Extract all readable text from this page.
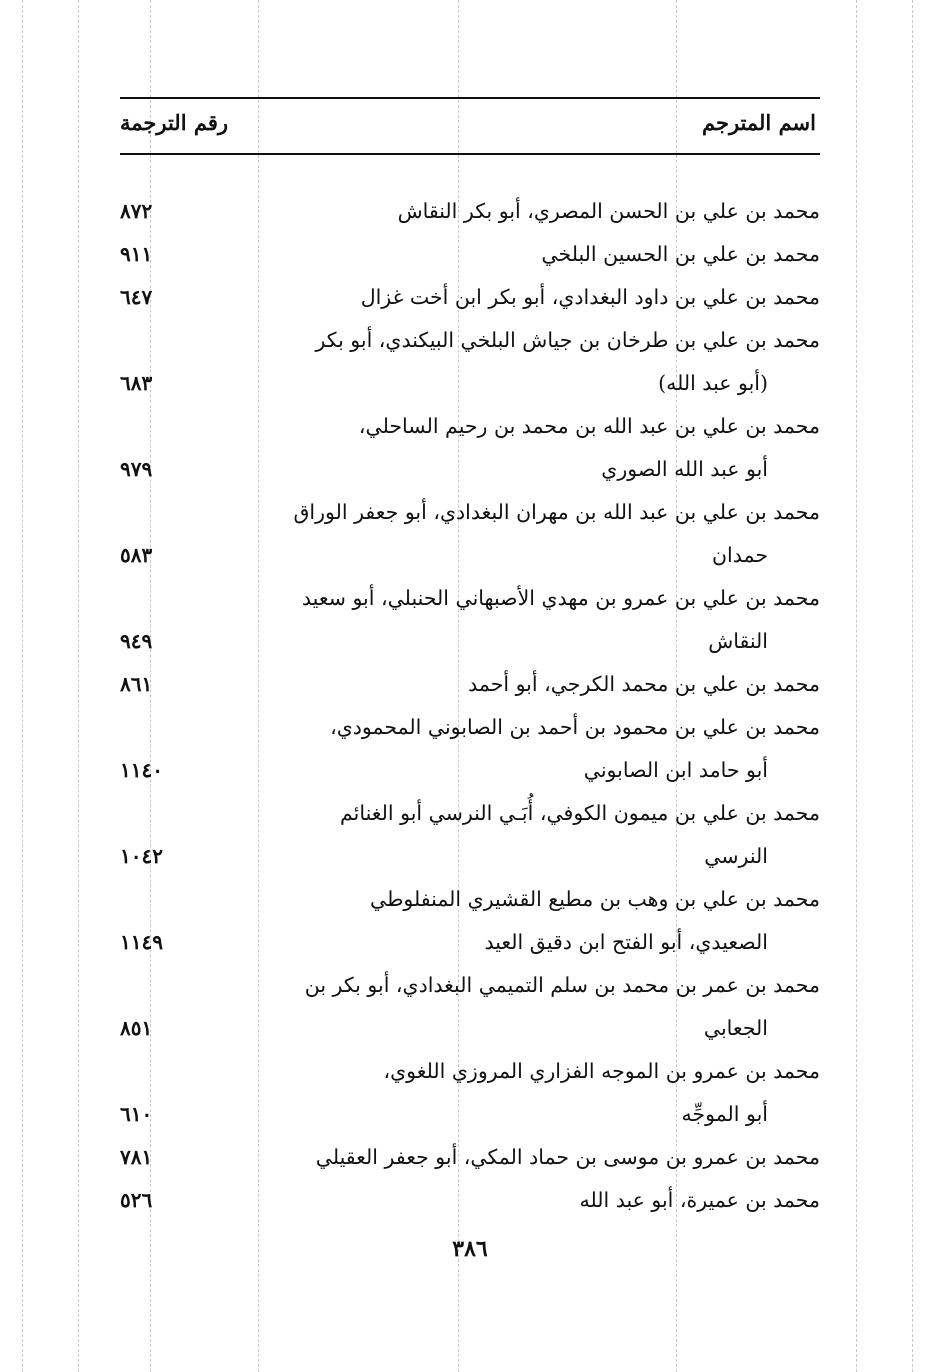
اسم المترجم
رقم الترجمة
محمد بن علي بن الحسن المصري، أبو بكر النقاش
٨٧٢
محمد بن علي بن الحسين البلخي
٩١١
محمد بن علي بن داود البغدادي، أبو بكر ابن أخت غزال
٦٤٧
محمد بن علي بن طرخان بن جياش البلخي البيكندي، أبو بكر
(أبو عبد الله)
٦٨٣
محمد بن علي بن عبد الله بن محمد بن رحيم الساحلي،
أبو عبد الله الصوري
٩٧٩
محمد بن علي بن عبد الله بن مهران البغدادي، أبو جعفر الوراق
حمدان
٥٨٣
محمد بن علي بن عمرو بن مهدي الأصبهاني الحنبلي، أبو سعيد
النقاش
٩٤٩
محمد بن علي بن محمد الكرجي، أبو أحمد
٨٦١
محمد بن علي بن محمود بن أحمد بن الصابوني المحمودي،
أبو حامد ابن الصابوني
١١٤٠
محمد بن علي بن ميمون الكوفي، أُبَـي النرسي أبو الغنائم
النرسي
١٠٤٢
محمد بن علي بن وهب بن مطيع القشيري المنفلوطي
الصعيدي، أبو الفتح ابن دقيق العيد
١١٤٩
محمد بن عمر بن محمد بن سلم التميمي البغدادي، أبو بكر بن
الجعابي
٨٥١
محمد بن عمرو بن الموجه الفزاري المروزي اللغوي،
أبو الموجِّه
٦١٠
محمد بن عمرو بن موسى بن حماد المكي، أبو جعفر العقيلي
٧٨١
محمد بن عميرة، أبو عبد الله
٥٢٦
٣٨٦
